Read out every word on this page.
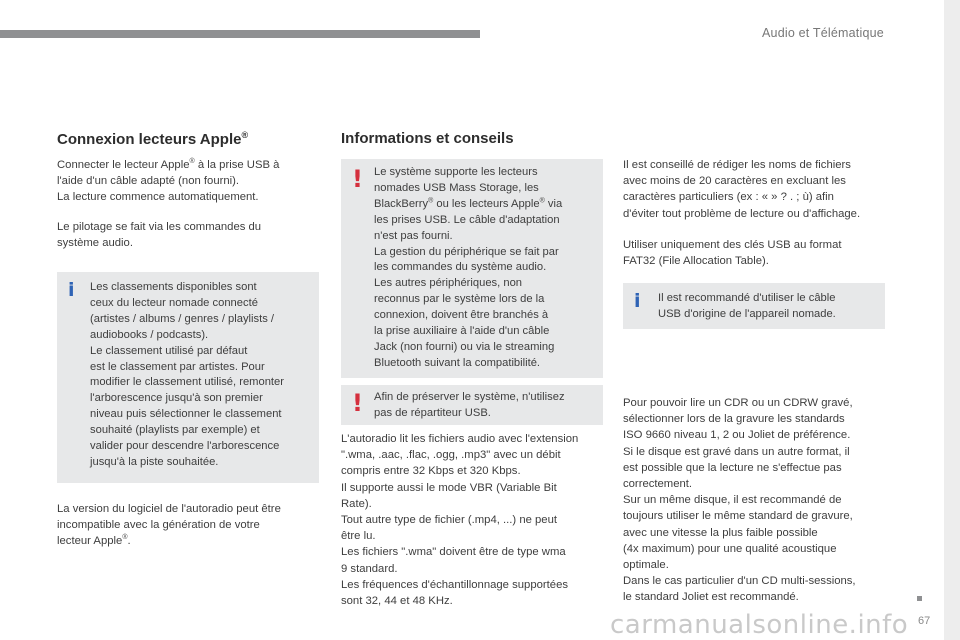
Audio et Télématique
Connexion lecteurs Apple®

Connecter le lecteur Apple® à la prise USB à
l'aide d'un câble adapté (non fourni).
La lecture commence automatiquement.

Le pilotage se fait via les commandes du
système audio.

i Les classements disponibles sont
ceux du lecteur nomade connecté
(artistes / albums / genres / playlists /
audiobooks / podcasts).
Le classement utilisé par défaut
est le classement par artistes. Pour
modifier le classement utilisé, remonter
l'arborescence jusqu'à son premier
niveau puis sélectionner le classement
souhaité (playlists par exemple) et
valider pour descendre l'arborescence
jusqu'à la piste souhaitée.

La version du logiciel de l'autoradio peut être
incompatible avec la génération de votre
lecteur Apple®.

Informations et conseils
! Le système supporte les lecteurs
nomades USB Mass Storage, les
BlackBerry® ou les lecteurs Apple® via
les prises USB. Le câble d'adaptation
n'est pas fourni.
La gestion du périphérique se fait par
les commandes du système audio.
Les autres périphériques, non
reconnus par le système lors de la
connexion, doivent être branchés à
la prise auxiliaire à l'aide d'un câble
Jack (non fourni) ou via le streaming
Bluetooth suivant la compatibilité.

! Afin de préserver le système, n'utilisez
pas de répartiteur USB.

L'autoradio lit les fichiers audio avec l'extension
".wma, .aac, .flac, .ogg, .mp3" avec un débit
compris entre 32 Kbps et 320 Kbps.
Il supporte aussi le mode VBR (Variable Bit
Rate).
Tout autre type de fichier (.mp4, ...) ne peut
être lu.
Les fichiers ".wma" doivent être de type wma
9 standard.
Les fréquences d'échantillonnage supportées
sont 32, 44 et 48 KHz.

Il est conseillé de rédiger les noms de fichiers
avec moins de 20 caractères en excluant les
caractères particuliers (ex : « » ? . ; ù) afin
d'éviter tout problème de lecture ou d'affichage.

Utiliser uniquement des clés USB au format
FAT32 (File Allocation Table).

i Il est recommandé d'utiliser le câble
USB d'origine de l'appareil nomade.

Pour pouvoir lire un CDR ou un CDRW gravé,
sélectionner lors de la gravure les standards
ISO 9660 niveau 1, 2 ou Joliet de préférence.
Si le disque est gravé dans un autre format, il
est possible que la lecture ne s'effectue pas
correctement.
Sur un même disque, il est recommandé de
toujours utiliser le même standard de gravure,
avec une vitesse la plus faible possible
(4x maximum) pour une qualité acoustique
optimale.
Dans le cas particulier d'un CD multi-sessions,
le standard Joliet est recommandé.

67
carmanualsonline.info
